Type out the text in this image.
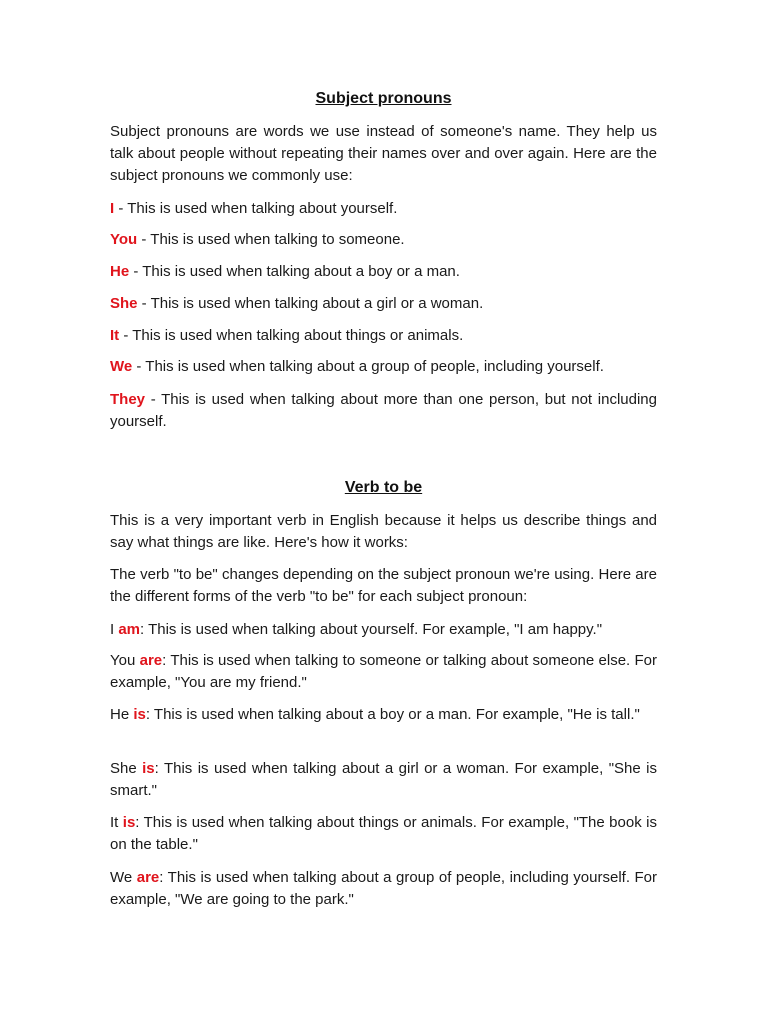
Subject pronouns

Subject pronouns are words we use instead of someone's name. They help us talk about people without repeating their names over and over again. Here are the subject pronouns we commonly use:

I - This is used when talking about yourself.

You - This is used when talking to someone.

He - This is used when talking about a boy or a man.

She - This is used when talking about a girl or a woman.

It - This is used when talking about things or animals.

We - This is used when talking about a group of people, including yourself.

They - This is used when talking about more than one person, but not including yourself.

Verb to be

This is a very important verb in English because it helps us describe things and say what things are like. Here's how it works:

The verb "to be" changes depending on the subject pronoun we're using. Here are the different forms of the verb "to be" for each subject pronoun:

I am: This is used when talking about yourself. For example, "I am happy."

You are: This is used when talking to someone or talking about someone else. For example, "You are my friend."

He is: This is used when talking about a boy or a man. For example, "He is tall."

She is: This is used when talking about a girl or a woman. For example, "She is smart."

It is: This is used when talking about things or animals. For example, "The book is on the table."

We are: This is used when talking about a group of people, including yourself. For example, "We are going to the park."
